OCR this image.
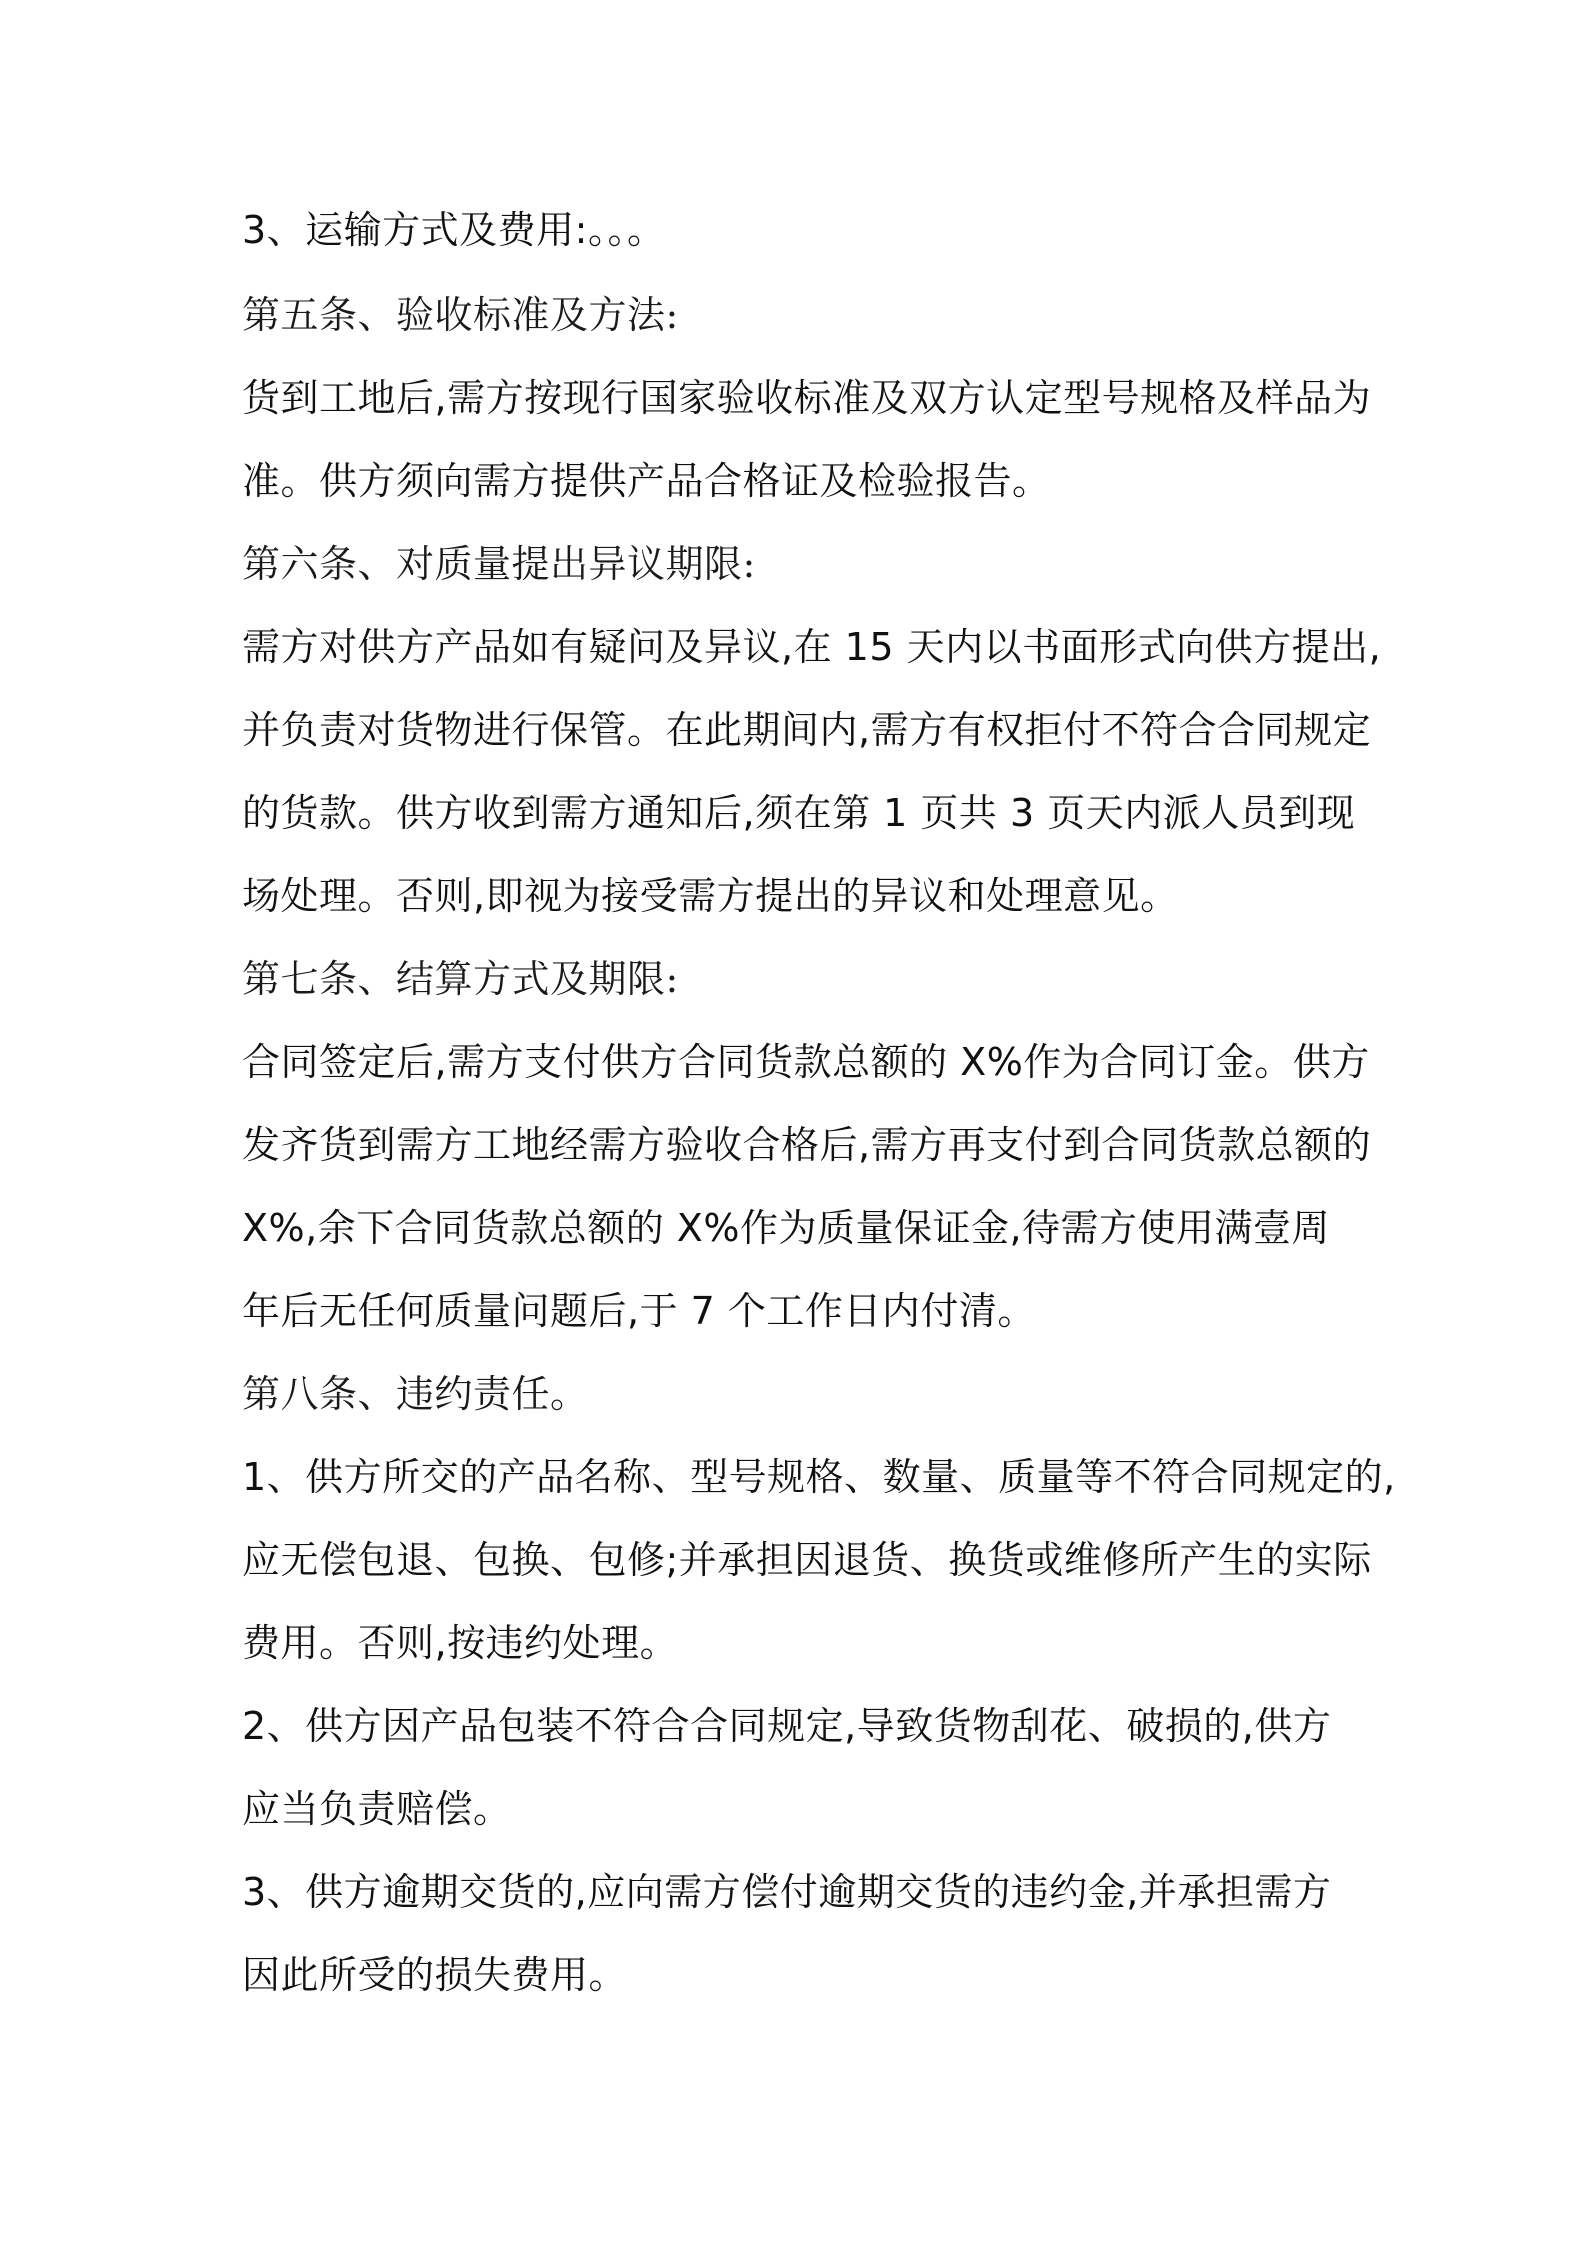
3、运输方式及费用:。。。
第五条、验收标准及方法:
货到工地后,需方按现行国家验收标准及双方认定型号规格及样品为
准。供方须向需方提供产品合格证及检验报告。
第六条、对质量提出异议期限:
需方对供方产品如有疑问及异议,在 15 天内以书面形式向供方提出,
并负责对货物进行保管。在此期间内,需方有权拒付不符合合同规定
的货款。供方收到需方通知后,须在第 1 页共 3 页天内派人员到现
场处理。否则,即视为接受需方提出的异议和处理意见。
第七条、结算方式及期限:
合同签定后,需方支付供方合同货款总额的 X%作为合同订金。供方
发齐货到需方工地经需方验收合格后,需方再支付到合同货款总额的
X%,余下合同货款总额的 X%作为质量保证金,待需方使用满壹周
年后无任何质量问题后,于 7 个工作日内付清。
第八条、违约责任。
1、供方所交的产品名称、型号规格、数量、质量等不符合同规定的,
应无偿包退、包换、包修;并承担因退货、换货或维修所产生的实际
费用。否则,按违约处理。
2、供方因产品包装不符合合同规定,导致货物刮花、破损的,供方
应当负责赔偿。
3、供方逾期交货的,应向需方偿付逾期交货的违约金,并承担需方
因此所受的损失费用。
